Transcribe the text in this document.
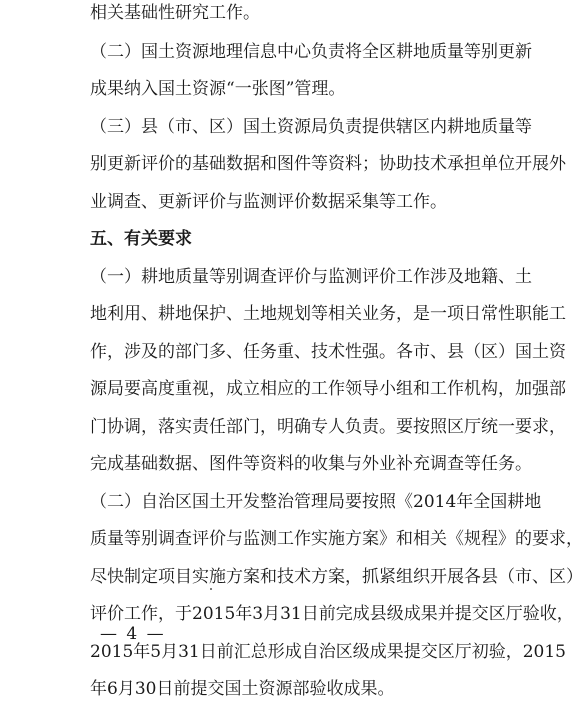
相关基础性研究工作。
（二）国土资源地理信息中心负责将全区耕地质量等别更新
成果纳入国土资源“一张图”管理。
（三）县（市、区）国土资源局负责提供辖区内耕地质量等
别更新评价的基础数据和图件等资料；协助技术承担单位开展外
业调查、更新评价与监测评价数据采集等工作。
五、有关要求
（一）耕地质量等别调查评价与监测评价工作涉及地籍、土
地利用、耕地保护、土地规划等相关业务，是一项日常性职能工
作，涉及的部门多、任务重、技术性强。各市、县（区）国土资
源局要高度重视，成立相应的工作领导小组和工作机构，加强部
门协调，落实责任部门，明确专人负责。要按照区厅统一要求，
完成基础数据、图件等资料的收集与外业补充调查等任务。
（二）自治区国土开发整治管理局要按照《2014年全国耕地
质量等别调查评价与监测工作实施方案》和相关《规程》的要求，
尽快制定项目实施方案和技术方案，抓紧组织开展各县（市、区）
评价工作，于2015年3月31日前完成县级成果并提交区厅验收，
2015年5月31日前汇总形成自治区级成果提交区厅初验，2015
年6月30日前提交国土资源部验收成果。
— 4 —
